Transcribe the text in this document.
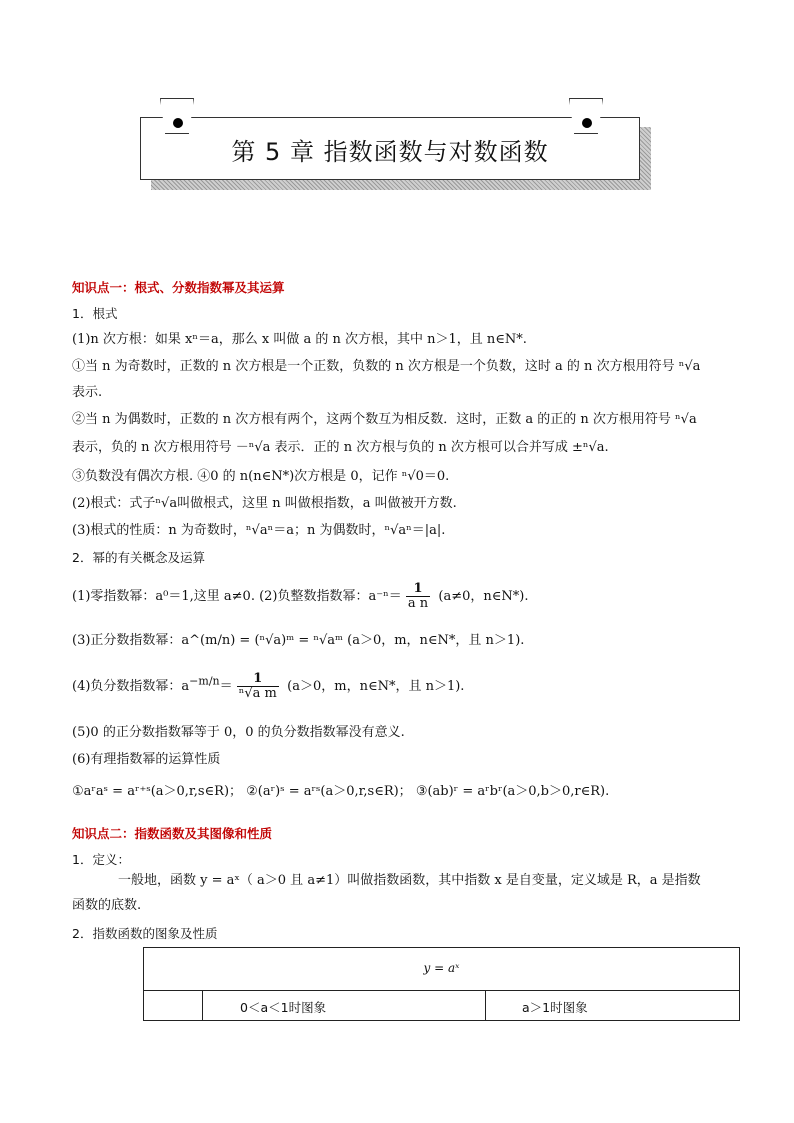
第 5 章 指数函数与对数函数
知识点一：根式、分数指数幂及其运算
1．根式
(1)n 次方根：如果 xⁿ＝a，那么 x 叫做 a 的 n 次方根，其中 n＞1，且 n∈N*.
①当 n 为奇数时，正数的 n 次方根是一个正数，负数的 n 次方根是一个负数，这时 a 的 n 次方根用符号 ⁿ√a
表示.
②当 n 为偶数时，正数的 n 次方根有两个，这两个数互为相反数．这时，正数 a 的正的 n 次方根用符号 ⁿ√a
表示，负的 n 次方根用符号 －ⁿ√a 表示．正的 n 次方根与负的 n 次方根可以合并写成 ±ⁿ√a.
③负数没有偶次方根. ④0 的 n(n∈N*)次方根是 0，记作 ⁿ√0＝0.
(2)根式：式子ⁿ√a叫做根式，这里 n 叫做根指数，a 叫做被开方数.
(3)根式的性质：n 为奇数时，ⁿ√aⁿ＝a；n 为偶数时，ⁿ√aⁿ＝|a|.
2．幂的有关概念及运算
(1)零指数幂：a⁰＝1,这里 a≠0. (2)负整数指数幂：$a^{-n}= \frac{1}{\text{a n}} (a\ne 0$，n∈N*).
(3)正分数指数幂：a^(m/n) = (ⁿ√a)ᵐ = ⁿ√aᵐ (a＞0，m，n∈N*，且 n＞1).
(4)负分数指数幂：$a^{-m/n}= \frac{1}{\text{ⁿ√a m}} (a>0$，m，n∈N*，且 n＞1).
(5)0 的正分数指数幂等于 0，0 的负分数指数幂没有意义.
(6)有理指数幂的运算性质
①aʳaˢ = aʳ⁺ˢ(a＞0,r,s∈R)； ②(aʳ)ˢ = aʳˢ(a＞0,r,s∈R)； ③(ab)ʳ = aʳbʳ(a＞0,b＞0,r∈R).
知识点二：指数函数及其图像和性质
1．定义：
一般地，函数 y = aˣ（ a＞0 且 a≠1）叫做指数函数，其中指数 x 是自变量，定义域是 R，a 是指数
函数的底数.
2．指数函数的图象及性质
y = aˣ
0＜a＜1时图象	a＞1时图象
